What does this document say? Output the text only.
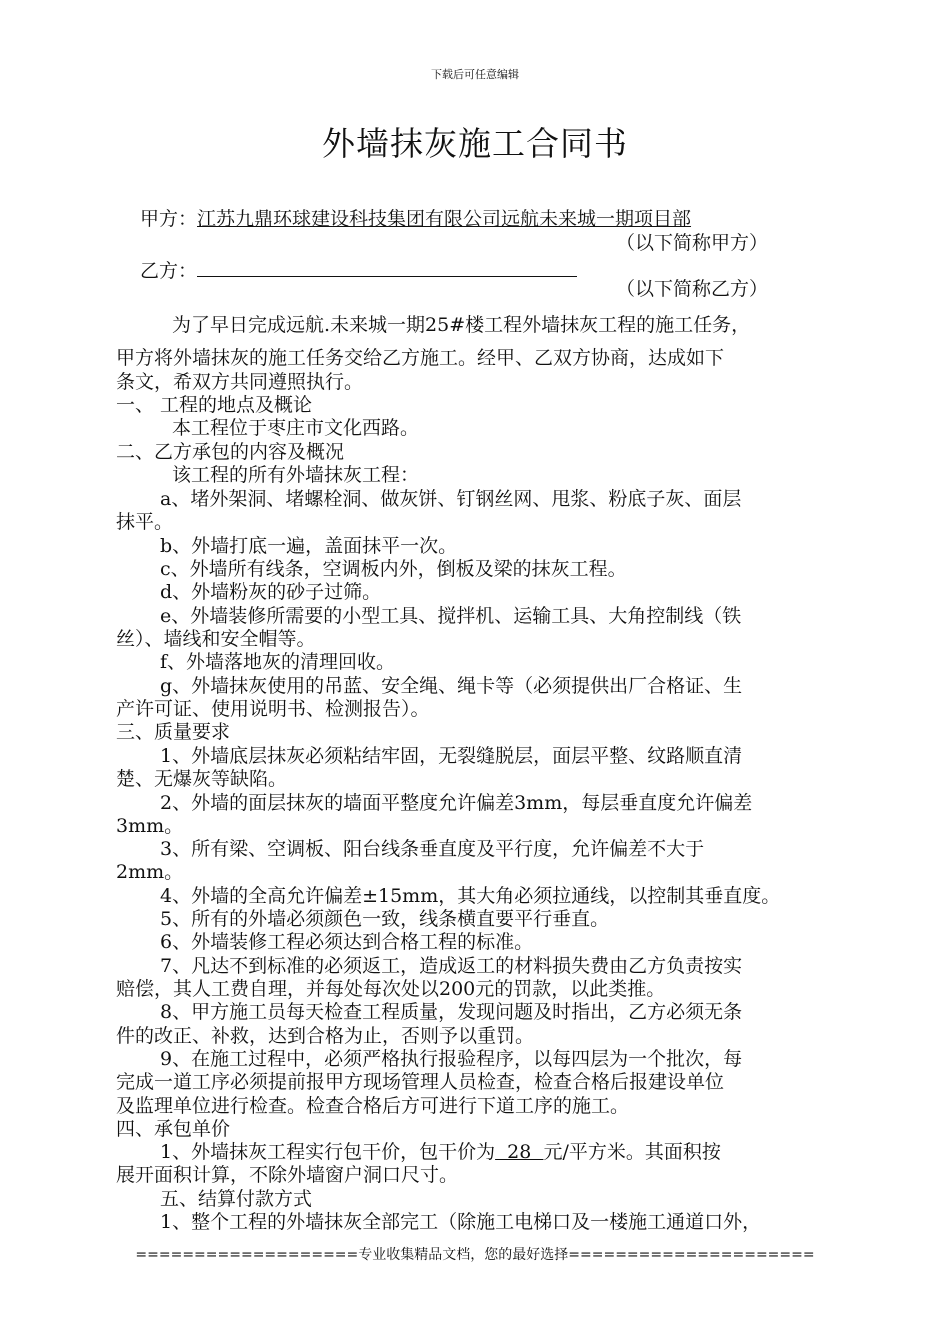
下载后可任意编辑
外墙抹灰施工合同书
甲方：江苏九鼎环球建设科技集团有限公司远航未来城一期项目部
（以下简称甲方）
乙方：
（以下简称乙方）
为了早日完成远航.未来城一期25#楼工程外墙抹灰工程的施工任务，
甲方将外墙抹灰的施工任务交给乙方施工。经甲、乙双方协商，达成如下
条文，希双方共同遵照执行。
一、 工程的地点及概论
本工程位于枣庄市文化西路。
二、乙方承包的内容及概况
该工程的所有外墙抹灰工程：
a、堵外架洞、堵螺栓洞、做灰饼、钉钢丝网、甩浆、粉底子灰、面层
抹平。
b、外墙打底一遍，盖面抹平一次。
c、外墙所有线条，空调板内外，倒板及梁的抹灰工程。
d、外墙粉灰的砂子过筛。
e、外墙装修所需要的小型工具、搅拌机、运输工具、大角控制线（铁
丝）、墙线和安全帽等。
f、外墙落地灰的清理回收。
g、外墙抹灰使用的吊蓝、安全绳、绳卡等（必须提供出厂合格证、生
产许可证、使用说明书、检测报告）。
三、质量要求
1、外墙底层抹灰必须粘结牢固，无裂缝脱层，面层平整、纹路顺直清
楚、无爆灰等缺陷。
2、外墙的面层抹灰的墙面平整度允许偏差3mm，每层垂直度允许偏差
3mm。
3、所有梁、空调板、阳台线条垂直度及平行度，允许偏差不大于
2mm。
4、外墙的全高允许偏差±15mm，其大角必须拉通线，以控制其垂直度。
5、所有的外墙必须颜色一致，线条横直要平行垂直。
6、外墙装修工程必须达到合格工程的标准。
7、凡达不到标准的必须返工，造成返工的材料损失费由乙方负责按实
赔偿，其人工费自理，并每处每次处以200元的罚款，以此类推。
8、甲方施工员每天检查工程质量，发现问题及时指出，乙方必须无条
件的改正、补救，达到合格为止，否则予以重罚。
9、在施工过程中，必须严格执行报验程序，以每四层为一个批次，每
完成一道工序必须提前报甲方现场管理人员检查，检查合格后报建设单位
及监理单位进行检查。检查合格后方可进行下道工序的施工。
四、承包单价
1、外墙抹灰工程实行包干价，包干价为  28  元/平方米。其面积按
展开面积计算，不除外墙窗户洞口尺寸。
五、结算付款方式
1、整个工程的外墙抹灰全部完工（除施工电梯口及一楼施工通道口外，
===================专业收集精品文档，您的最好选择=====================
